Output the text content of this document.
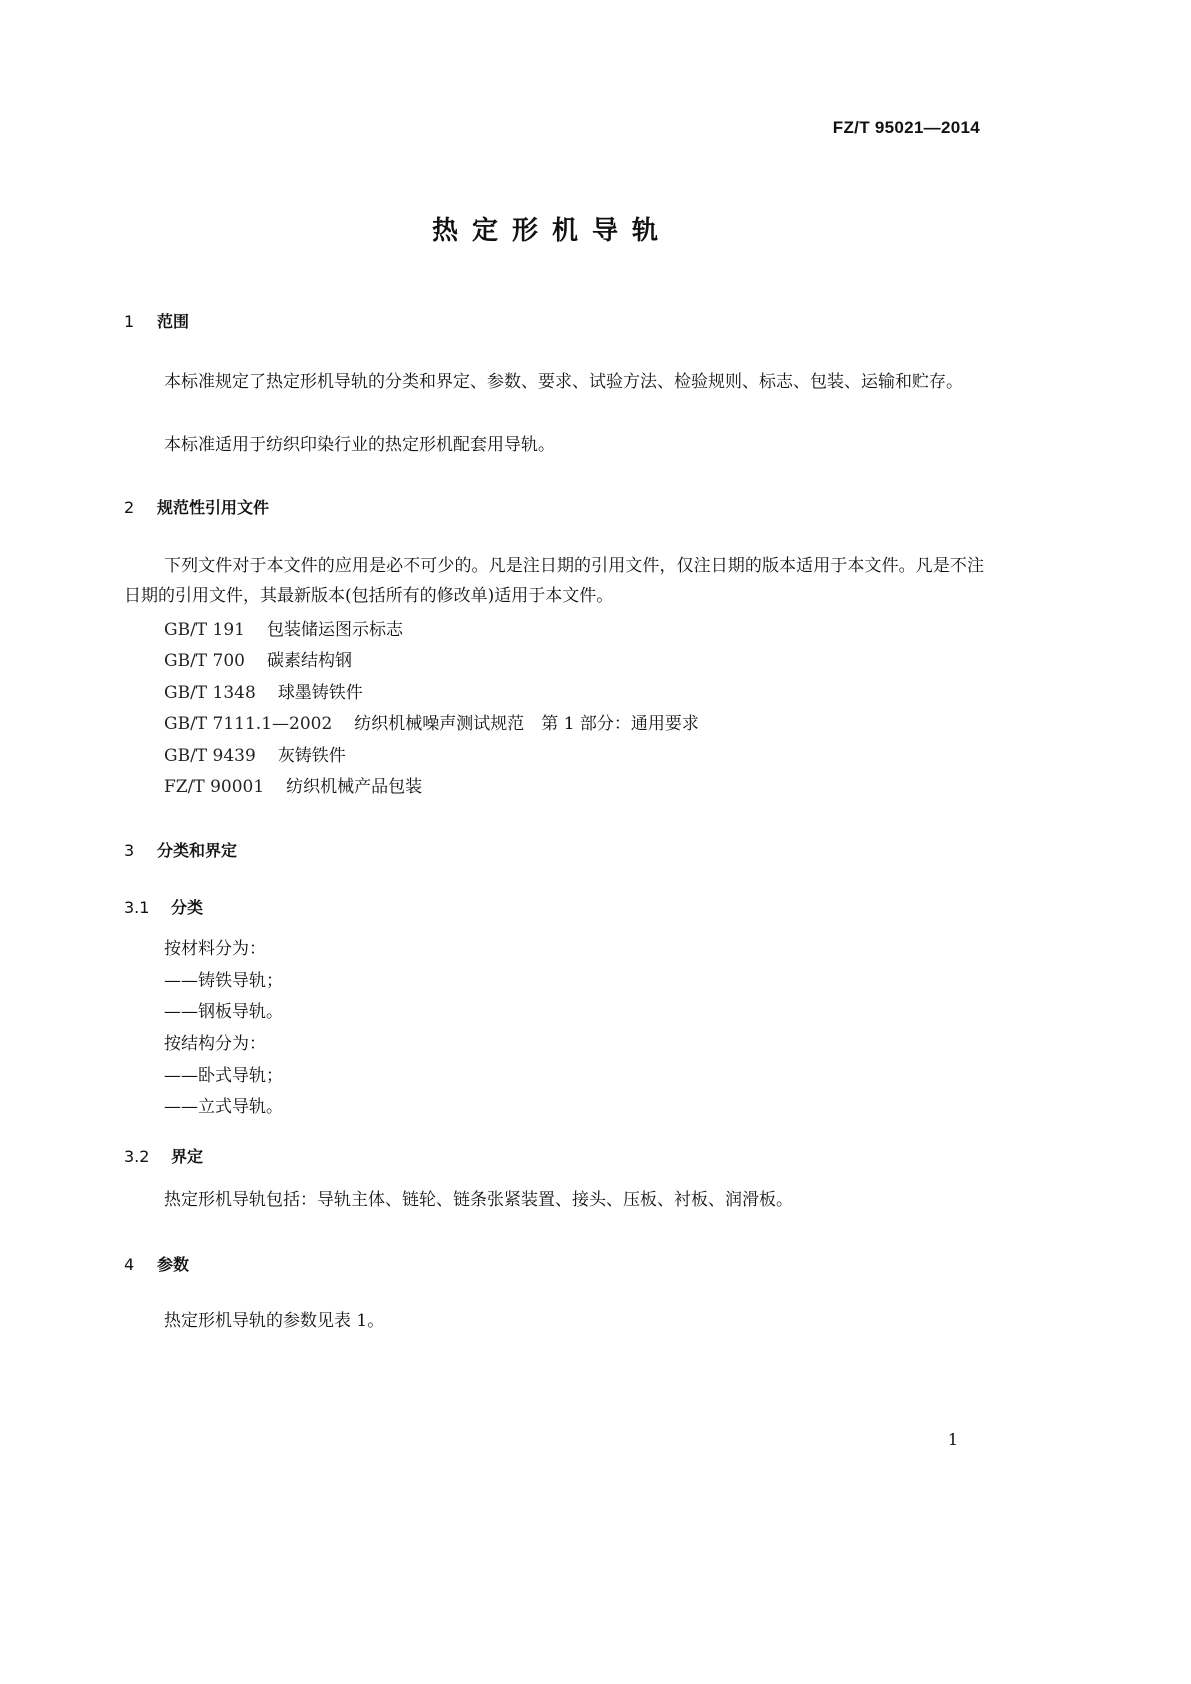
FZ/T 95021—2014
热定形机导轨
1 范围
本标准规定了热定形机导轨的分类和界定、参数、要求、试验方法、检验规则、标志、包装、运输和贮存。
本标准适用于纺织印染行业的热定形机配套用导轨。
2 规范性引用文件
下列文件对于本文件的应用是必不可少的。凡是注日期的引用文件，仅注日期的版本适用于本文件。凡是不注日期的引用文件，其最新版本(包括所有的修改单)适用于本文件。
GB/T 191 包装储运图示标志
GB/T 700 碳素结构钢
GB/T 1348 球墨铸铁件
GB/T 7111.1—2002 纺织机械噪声测试规范　第 1 部分：通用要求
GB/T 9439 灰铸铁件
FZ/T 90001 纺织机械产品包装
3 分类和界定
3.1 分类
按材料分为：
——铸铁导轨；
——钢板导轨。
按结构分为：
——卧式导轨；
——立式导轨。
3.2 界定
热定形机导轨包括：导轨主体、链轮、链条张紧装置、接头、压板、衬板、润滑板。
4 参数
热定形机导轨的参数见表 1。
1
